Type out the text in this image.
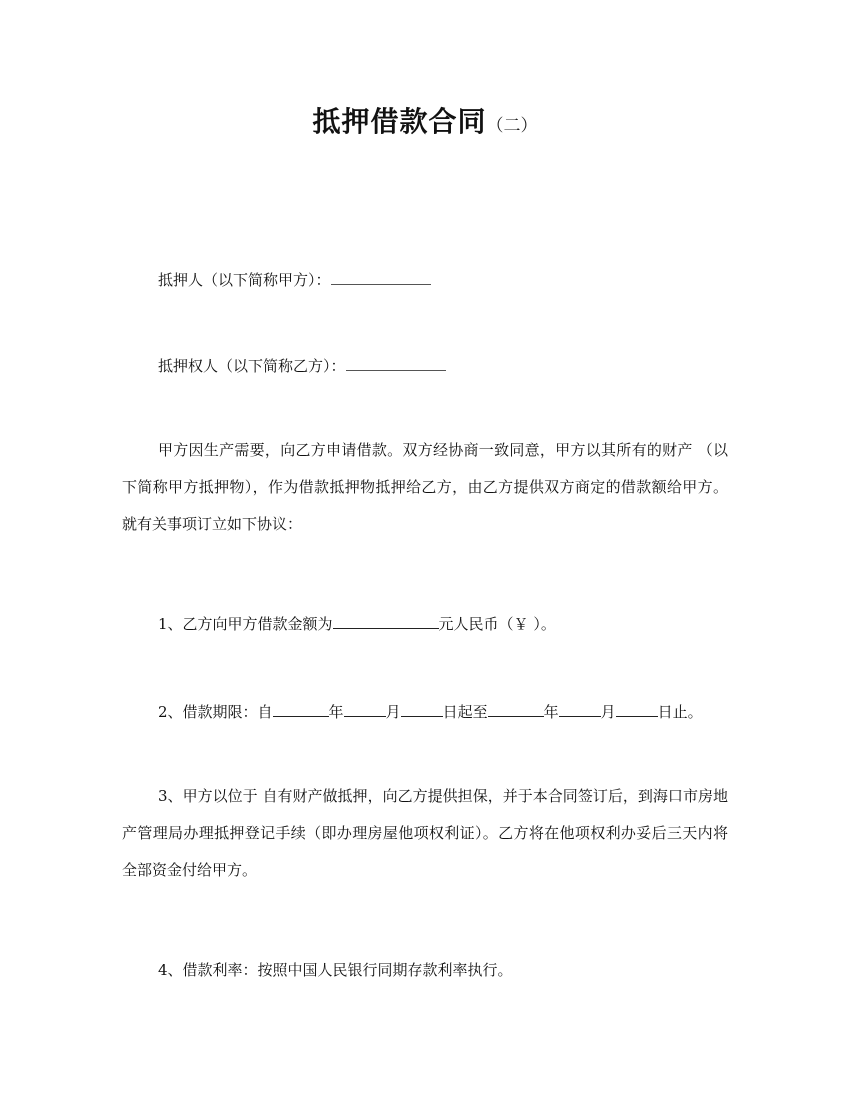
抵押借款合同（二）
抵押人（以下简称甲方）：
抵押权人（以下简称乙方）：
甲方因生产需要，向乙方申请借款。双方经协商一致同意，甲方以其所有的财产 （以下简称甲方抵押物），作为借款抵押物抵押给乙方，由乙方提供双方商定的借款额给甲方。就有关事项订立如下协议：
1、乙方向甲方借款金额为	元人民币（￥ ）。
2、借款期限：自	年	月	日起至	年	月	日止。
3、甲方以位于 自有财产做抵押，向乙方提供担保，并于本合同签订后，到海口市房地产管理局办理抵押登记手续（即办理房屋他项权利证）。乙方将在他项权利办妥后三天内将全部资金付给甲方。
4、借款利率：按照中国人民银行同期存款利率执行。
